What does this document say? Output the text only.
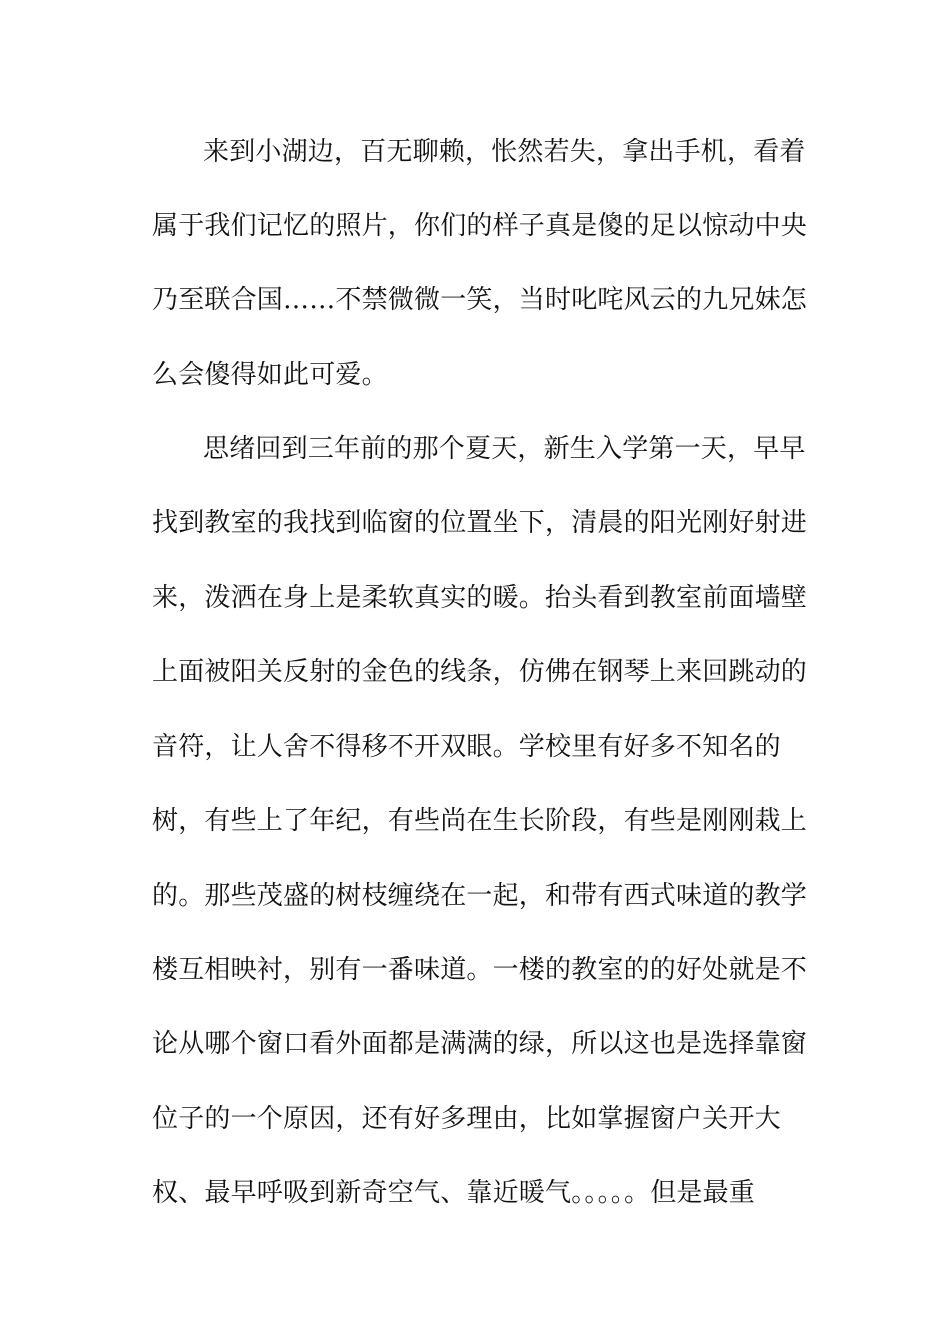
来到小湖边，百无聊赖，怅然若失，拿出手机，看着
属于我们记忆的照片，你们的样子真是傻的足以惊动中央
乃至联合国……不禁微微一笑，当时叱咤风云的九兄妹怎
么会傻得如此可爱。
思绪回到三年前的那个夏天，新生入学第一天，早早
找到教室的我找到临窗的位置坐下，清晨的阳光刚好射进
来，泼洒在身上是柔软真实的暖。抬头看到教室前面墙壁
上面被阳关反射的金色的线条，仿佛在钢琴上来回跳动的
音符，让人舍不得移不开双眼。学校里有好多不知名的
树，有些上了年纪，有些尚在生长阶段，有些是刚刚栽上
的。那些茂盛的树枝缠绕在一起，和带有西式味道的教学
楼互相映衬，别有一番味道。一楼的教室的的好处就是不
论从哪个窗口看外面都是满满的绿，所以这也是选择靠窗
位子的一个原因，还有好多理由，比如掌握窗户关开大
权、最早呼吸到新奇空气、靠近暖气。。。。。但是最重
